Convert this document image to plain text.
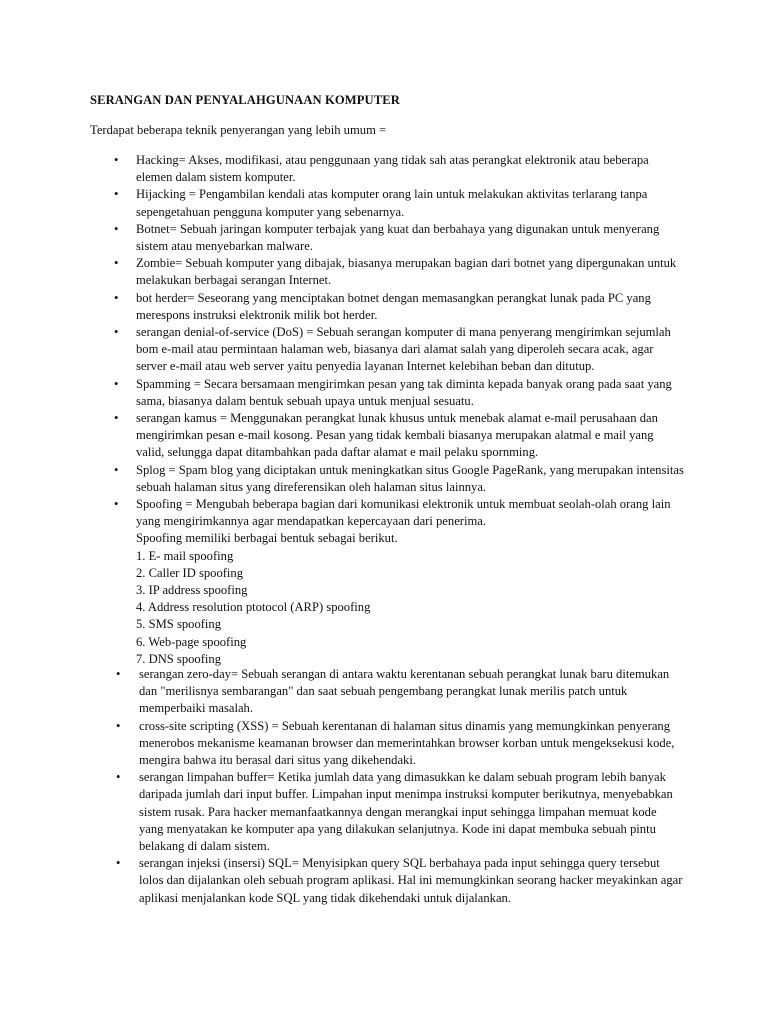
SERANGAN DAN PENYALAHGUNAAN KOMPUTER
Terdapat beberapa teknik penyerangan yang lebih umum =
• Hacking= Akses, modifikasi, atau penggunaan yang tidak sah atas perangkat elektronik atau beberapa elemen dalam sistem komputer.
• Hijacking = Pengambilan kendali atas komputer orang lain untuk melakukan aktivitas terlarang tanpa sepengetahuan pengguna komputer yang sebenarnya.
• Botnet= Sebuah jaringan komputer terbajak yang kuat dan berbahaya yang digunakan untuk menyerang sistem atau menyebarkan malware.
• Zombie= Sebuah komputer yang dibajak, biasanya merupakan bagian dari botnet yang dipergunakan untuk melakukan berbagai serangan Internet.
• bot herder= Seseorang yang menciptakan botnet dengan memasangkan perangkat lunak pada PC yang merespons instruksi elektronik milik bot herder.
• serangan denial-of-service (DoS) = Sebuah serangan komputer di mana penyerang mengirimkan sejumlah bom e-mail atau permintaan halaman web, biasanya dari alamat salah yang diperoleh secara acak, agar server e-mail atau web server yaitu penyedia layanan Internet kelebihan beban dan ditutup.
• Spamming = Secara bersamaan mengirimkan pesan yang tak diminta kepada banyak orang pada saat yang sama, biasanya dalam bentuk sebuah upaya untuk menjual sesuatu.
• serangan kamus = Menggunakan perangkat lunak khusus untuk menebak alamat e-mail perusahaan dan mengirimkan pesan e-mail kosong. Pesan yang tidak kembali biasanya merupakan alatmal e mail yang valid, selungga dapat ditambahkan pada daftar alamat e mail pelaku spornming.
• Splog = Spam blog yang diciptakan untuk meningkatkan situs Google PageRank, yang merupakan intensitas sebuah halaman situs yang direferensikan oleh halaman situs lainnya.
• Spoofing = Mengubah beberapa bagian dari komunikasi elektronik untuk membuat seolah-olah orang lain yang mengirimkannya agar mendapatkan kepercayaan dari penerima.
Spoofing memiliki berbagai bentuk sebagai berikut.
1. E- mail spoofing
2. Caller ID spoofing
3. IP address spoofing
4. Address resolution ptotocol (ARP) spoofing
5. SMS spoofing
6. Web-page spoofing
7. DNS spoofing
• serangan zero-day= Sebuah serangan di antara waktu kerentanan sebuah perangkat lunak baru ditemukan dan "merilisnya sembarangan" dan saat sebuah pengembang perangkat lunak merilis patch untuk memperbaiki masalah.
• cross-site scripting (XSS) = Sebuah kerentanan di halaman situs dinamis yang memungkinkan penyerang menerobos mekanisme keamanan browser dan memerintahkan browser korban untuk mengeksekusi kode, mengira bahwa itu berasal dari situs yang dikehendaki.
• serangan limpahan buffer= Ketika jumlah data yang dimasukkan ke dalam sebuah program lebih banyak daripada jumlah dari input buffer. Limpahan input menimpa instruksi komputer berikutnya, menyebabkan sistem rusak. Para hacker memanfaatkannya dengan merangkai input sehingga limpahan memuat kode yang menyatakan ke komputer apa yang dilakukan selanjutnya. Kode ini dapat membuka sebuah pintu belakang di dalam sistem.
• serangan injeksi (insersi) SQL= Menyisipkan query SQL berbahaya pada input sehingga query tersebut lolos dan dijalankan oleh sebuah program aplikasi. Hal ini memungkinkan seorang hacker meyakinkan agar aplikasi menjalankan kode SQL yang tidak dikehendaki untuk dijalankan.
